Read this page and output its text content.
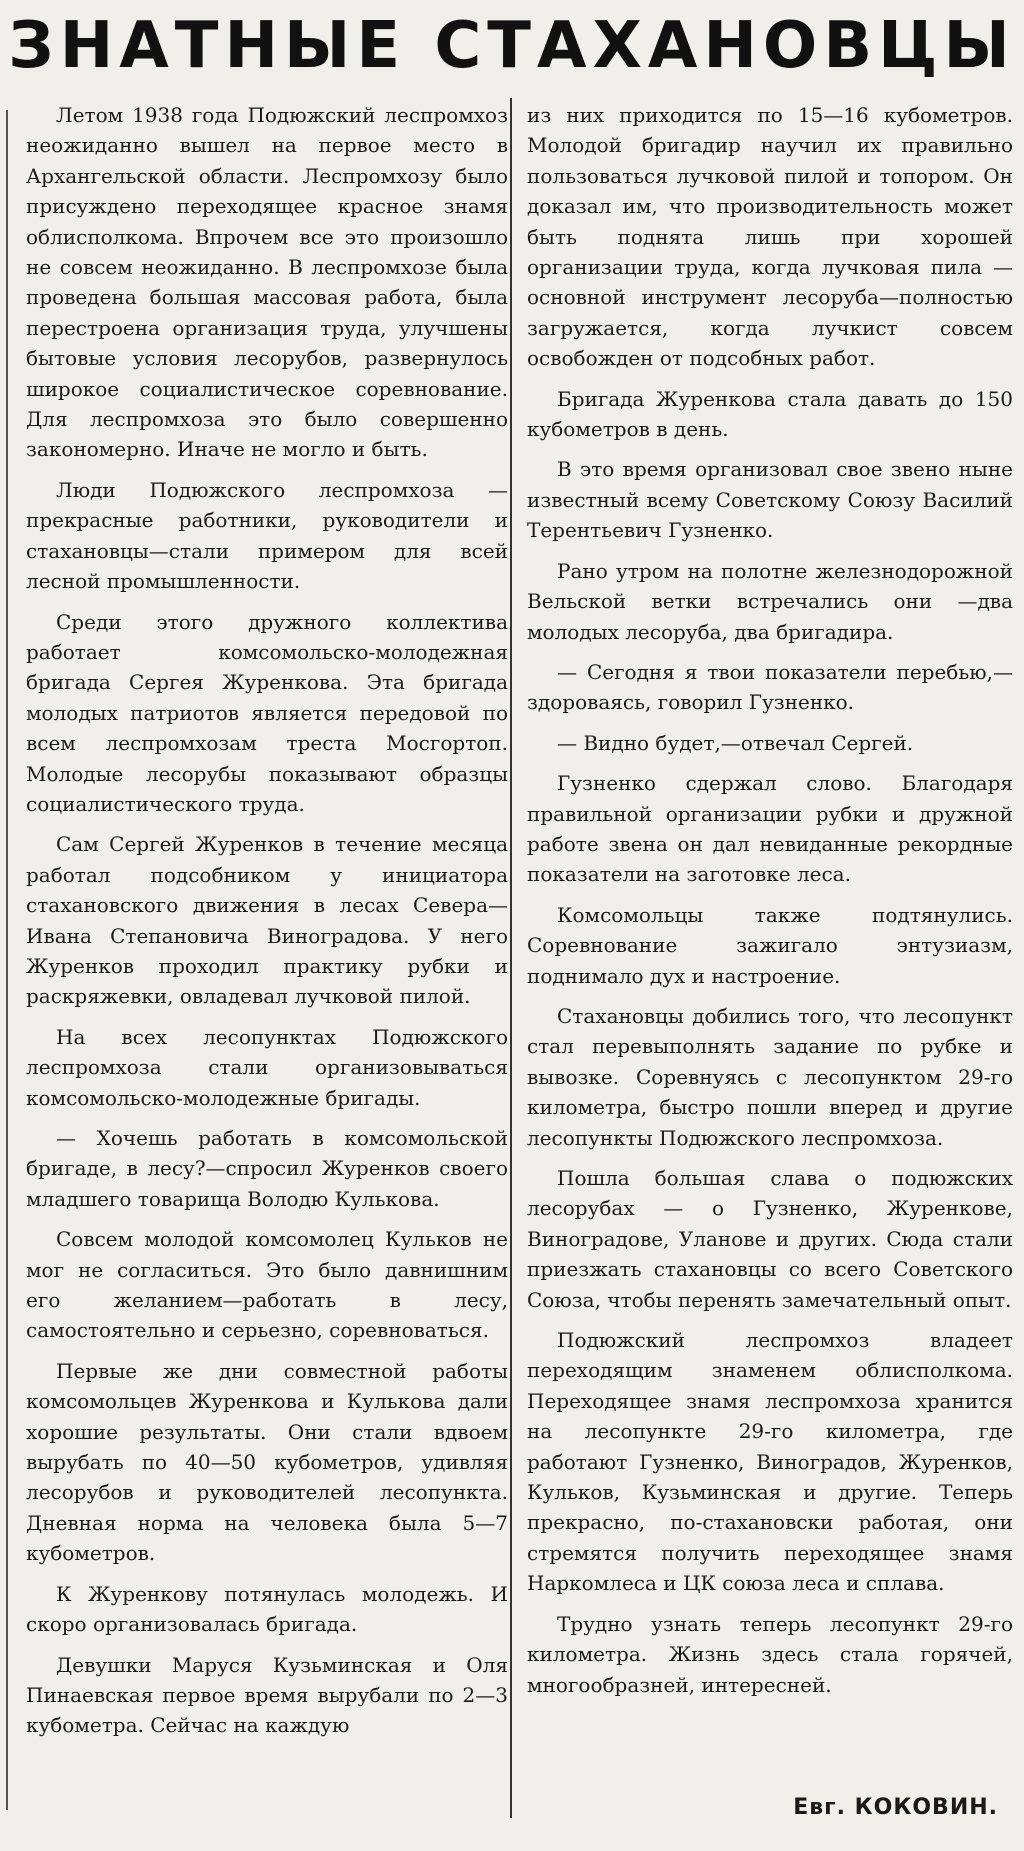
ЗНАТНЫЕ СТАХАНОВЦЫ

Летом 1938 года Подюжский леспромхоз неожиданно вышел на первое место в Архангельской области. Леспромхозу было присуждено переходящее красное знамя облисполкома. Впрочем все это произошло не совсем неожиданно. В леспромхозе была проведена большая массовая работа, была перестроена организация труда, улучшены бытовые условия лесорубов, развернулось широкое социалистическое соревнование. Для леспромхоза это было совершенно закономерно. Иначе не могло и быть.

Люди Подюжского леспромхоза — прекрасные работники, руководители и стахановцы—стали примером для всей лесной промышленности.

Среди этого дружного коллектива работает комсомольско-молодежная бригада Сергея Журенкова. Эта бригада молодых патриотов является передовой по всем леспромхозам треста Мосгортоп. Молодые лесорубы показывают образцы социалистического труда.

Сам Сергей Журенков в течение месяца работал подсобником у инициатора стахановского движения в лесах Севера—Ивана Степановича Виноградова. У него Журенков проходил практику рубки и раскряжевки, овладевал лучковой пилой.

На всех лесопунктах Подюжского леспромхоза стали организовываться комсомольско-молодежные бригады.

— Хочешь работать в комсомольской бригаде, в лесу?—спросил Журенков своего младшего товарища Володю Кулькова.

Совсем молодой комсомолец Кульков не мог не согласиться. Это было давнишним его желанием—работать в лесу, самостоятельно и серьезно, соревноваться.

Первые же дни совместной работы комсомольцев Журенкова и Кулькова дали хорошие результаты. Они стали вдвоем вырубать по 40—50 кубометров, удивляя лесорубов и руководителей лесопункта. Дневная норма на человека была 5—7 кубометров.

К Журенкову потянулась молодежь. И скоро организовалась бригада.

Девушки Маруся Кузьминская и Оля Пинаевская первое время вырубали по 2—3 кубометра. Сейчас на каждую

из них приходится по 15—16 кубометров. Молодой бригадир научил их правильно пользоваться лучковой пилой и топором. Он доказал им, что производительность может быть поднята лишь при хорошей организации труда, когда лучковая пила — основной инструмент лесоруба—полностью загружается, когда лучкист совсем освобожден от подсобных работ.

Бригада Журенкова стала давать до 150 кубометров в день.

В это время организовал свое звено ныне известный всему Советскому Союзу Василий Терентьевич Гузненко.

Рано утром на полотне железнодорожной Вельской ветки встречались они —два молодых лесоруба, два бригадира.

— Сегодня я твои показатели перебью,—здороваясь, говорил Гузненко.

— Видно будет,—отвечал Сергей.

Гузненко сдержал слово. Благодаря правильной организации рубки и дружной работе звена он дал невиданные рекордные показатели на заготовке леса.

Комсомольцы также подтянулись. Соревнование зажигало энтузиазм, поднимало дух и настроение.

Стахановцы добились того, что лесопункт стал перевыполнять задание по рубке и вывозке. Соревнуясь с лесопунктом 29-го километра, быстро пошли вперед и другие лесопункты Подюжского леспромхоза.

Пошла большая слава о подюжских лесорубах — о Гузненко, Журенкове, Виноградове, Уланове и других. Сюда стали приезжать стахановцы со всего Советского Союза, чтобы перенять замечательный опыт.

Подюжский леспромхоз владеет переходящим знаменем облисполкома. Переходящее знамя леспромхоза хранится на лесопункте 29-го километра, где работают Гузненко, Виноградов, Журенков, Кульков, Кузьминская и другие. Теперь прекрасно, по-стахановски работая, они стремятся получить переходящее знамя Наркомлеса и ЦК союза леса и сплава.

Трудно узнать теперь лесопункт 29-го километра. Жизнь здесь стала горячей, многообразней, интересней.

Евг. КОКОВИН.
